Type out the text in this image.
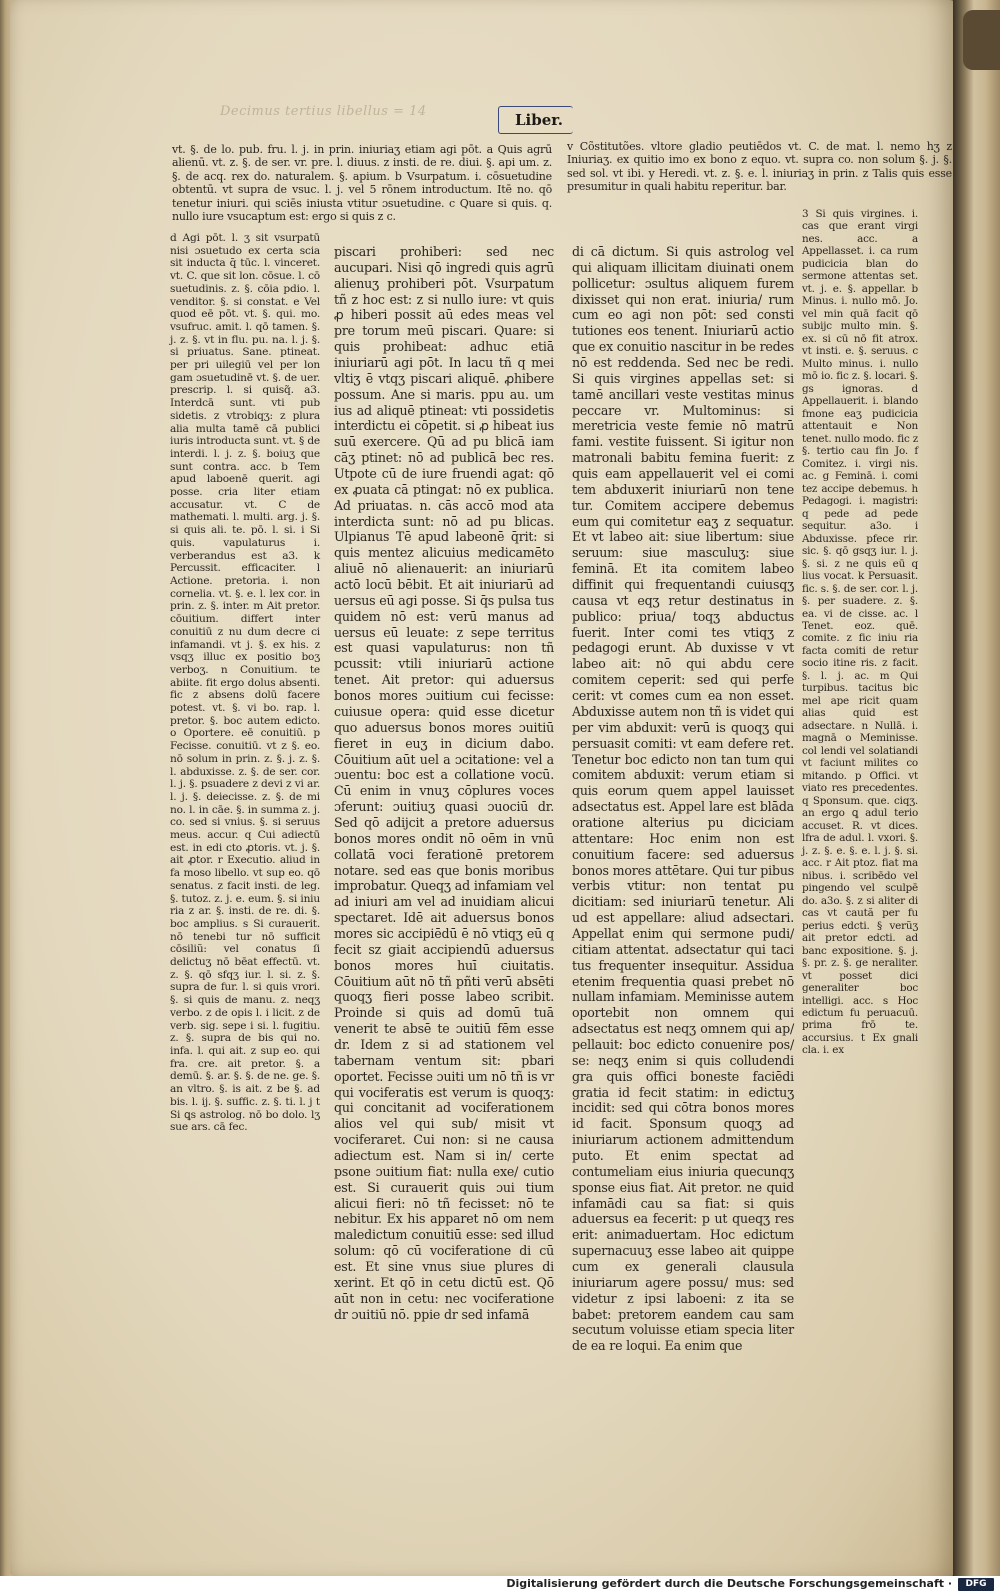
Decimus tertius libellus = 14	Liber.
v Cõstitutões. vltore gladio peutiēdos vt. C. de mat. l. nemo hʒ z Iniuriaʒ. ex quitio imo ex bono z equo. vt. supra co. non solum §. j. §. sed sol. vt ibi. y Heredi. vt. z. §. e. l. iniuriaʒ in prin. z Talis quis esse presumitur in quali habitu reperitur. bar.
vt. §. de lo. pub. fru. l. j. in prin. iniuriaʒ etiam agi pōt. a Quis agrū alienū. vt. z. §. de ser. vr. pre. l. diuus. z insti. de re. diui. §. api um. z. §. de acq. rex do. naturalem. §. apium. b Vsurpatum. i. cōsuetudine obtentū. vt supra de vsuc. l. j. vel 5 rōnem introductum. Itē no. qō tenetur iniuri. qui sciēs iniusta vtitur ɔsuetudine. c Quare si quis. q. nullo iure vsucaptum est: ergo si quis z c.
d Agi pōt. l. ʒ sit vsurpatū nisi ɔsuetudo ex certa scia sit inducta q̄ tūc. l. vinceret. vt. C. que sit lon. cōsue. l. cō suetudinis. z. §. cōia pdio. l. venditor. §. si constat. e Vel quod eē pōt. vt. §. qui. mo. vsufruc. amit. l. qō tamen. §. j. z. §. vt in flu. pu. na. l. j. §. si priuatus. Sane. ptineat. per pri uilegiū vel per lon gam ɔsuetudinē vt. §. de uer. prescrip. l. si quisq̃. a3. Interdcā sunt. vti pub sidetis. z vtrobiqʒ: z plura alia multa tamē cā publici iuris introducta sunt. vt. § de interdi. l. j. z. §. boiuʒ que sunt contra. acc. b Tem apud laboenē querit. agi posse. cria liter etiam accusatur. vt. C de mathemati. l. multi. arg. j. §. si quis ali. te. pō. l. si. i Si quis. vapulaturus i. verberandus est a3. k Percussit. efficaciter. l Actione. pretoria. i. non cornelia. vt. §. e. l. lex cor. in prin. z. §. inter. m Ait pretor. cōuitium. differt inter conuitiū z nu dum decre ci infamandi. vt j. §. ex his. z vsqʒ illuc ex positio boʒ verboʒ. n Conuitium. te abiite. fit ergo dolus absenti. fic z absens dolū facere potest. vt. §. vi bo. rap. l. pretor. §. boc autem edicto. o Oportere. eē conuitiū. p Fecisse. conuitiū. vt z §. eo. nō solum in prin. z. §. j. z. §. l. abduxisse. z. §. de ser. cor. l. j. §. psuadere z devi z vi ar. l. j. §. deiecisse. z. §. de mi no. l. in cāe. §. in summa z. j. co. sed si vnius. §. si seruus meus. accur. q Cui adiectū est. in edi cto ꝓtoris. vt. j. §. ait ꝓtor. r Executio. aliud in fa moso libello. vt sup eo. qō senatus. z facit insti. de leg. §. tutoz. z. j. e. eum. §. si iniu ria z ar. §. insti. de re. di. §. boc amplius. s Si curauerit. nō tenebi tur nō sufficit cōsiliũ: vel conatus ſi delictuʒ nō bēat effectū. vt. z. §. qō sfqʒ iur. l. si. z. §. supra de fur. l. si quis vrori. §. si quis de manu. z. neqʒ verbo. z de opis l. i licit. z de verb. sig. sepe i si. l. fugitiu. z. §. supra de bis qui no. infa. l. qui ait. z sup eo. qui fra. cre. ait pretor. §. a demū. §. ar. §. §. de ne. ge. §. an vltro. §. is ait. z be §. ad bis. l. ij. §. suffic. z. §. ti. l. j t Si ꝗs astrolog. nō bo dolo. lʒ sue ars. cā fec.
piscari prohiberi: sed nec aucupari. Nisi qō ingredi quis agrū alienuʒ prohiberi pōt. Vsurpatum tñ z hoc est: z si nullo iure: vt quis ꝓ hiberi possit aū edes meas vel pre torum meū piscari. Quare: si quis prohibeat: adhuc etiā iniuriarū agi pōt. In lacu tñ q mei vltiʒ ē vtqʒ piscari aliquē. ꝓhibere possum. Ane si maris. ppu au. um ius ad aliquē ptineat: vti possidetis interdictu ei cōpetit. si ꝓ hibeat ius suū exercere. Qū ad pu blicā iam cāʒ ptinet: nō ad publicā bec res. Utpote cū de iure fruendi agat: qō ex ꝓuata cā ptingat: nō ex publica. Ad priuatas. n. cās accō mod ata interdicta sunt: nō ad pu blicas. Ulpianus Tē apud labeonē q̄rit: si quis mentez alicuius medicamēto aliuē nō alienauerit: an iniuriarū actō locū bēbit. Et ait iniuriarū ad uersus eū agi posse. Si q̄s pulsa tus quidem nō est: verū manus ad uersus eū leuate: z sepe territus est quasi vapulaturus: non tñ pcussit: vtili iniuriarū actione tenet. Ait pretor: qui aduersus bonos mores ɔuitium cui fecisse: cuiusue opera: quid esse dicetur quo aduersus bonos mores ɔuitiū fieret in euʒ in dicium dabo. Cōuitium aūt uel a ɔcitatione: vel a ɔuentu: boc est a collatione vocū. Cū enim in vnuʒ cōplures voces ɔferunt: ɔuitiuʒ quasi ɔuociū dr. Sed qō adijcit a pretore aduersus bonos mores ondit nō oēm in vnū collatā voci ferationē pretorem notare. sed eas que bonis moribus improbatur. Queqʒ ad infamiam vel ad iniuri am vel ad inuidiam alicui spectaret. Idē ait aduersus bonos mores sic accipiēdū ē nō vtiqʒ eū q fecit sz giait accipiendū aduersus bonos mores huī ciuitatis. Cōuitium aūt nō tñ pñti verū absēti quoqʒ fieri posse labeo scribit. Proinde si quis ad domū tuā venerit te absē te ɔuitiū fēm esse dr. Idem z si ad stationem vel tabernam ventum sit: pbari oportet. Fecisse ɔuiti um nō tñ is vr qui vociferatis est verum is quoqʒ: qui concitanit ad vociferationem alios vel qui sub/ misit vt vociferaret. Cui non: si ne causa adiectum est. Nam si in/ certe psone ɔuitium fiat: nulla exe/ cutio est. Si curauerit quis ɔui tium alicui fieri: nō tñ fecisset: nō te nebitur. Ex his apparet nō om nem maledictum conuitiū esse: sed illud solum: qō cū vociferatione di cū est. Et sine vnus siue plures di xerint. Et qō in cetu dictū est. Qō aūt non in cetu: nec vociferatione dr ɔuitiū nō. ppie dr sed infamā
di cā dictum. Si quis astrolog vel qui aliquam illicitam diuinati onem pollicetur: ɔsultus aliquem furem dixisset qui non erat. iniuria/ rum cum eo agi non pōt: sed consti tutiones eos tenent. Iniuriarū actio que ex conuitio nascitur in be redes nō est reddenda. Sed nec be redi. Si quis virgines appellas set: si tamē ancillari veste vestitas minus peccare vr. Multominus: si meretricia veste femie nō matrū fami. vestite fuissent. Si igitur non matronali babitu femina fuerit: z quis eam appellauerit vel ei comi tem abduxerit iniuriarū non tene tur. Comitem accipere debemus eum qui comitetur eaʒ z sequatur. Et vt labeo ait: siue libertum: siue seruum: siue masculuʒ: siue feminā. Et ita comitem labeo diffinit qui frequentandi cuiusqʒ causa vt eqʒ retur destinatus in publico: priua/ toqʒ abductus fuerit. Inter comi tes vtiqʒ z pedagogi erunt. Ab duxisse v vt labeo ait: nō qui abdu cere comitem ceperit: sed qui perfe cerit: vt comes cum ea non esset. Abduxisse autem non tñ is videt qui per vim abduxit: verū is quoqʒ qui persuasit comiti: vt eam defere ret. Tenetur boc edicto non tan tum qui comitem abduxit: verum etiam si quis eorum quem appel lauisset adsectatus est. Appel lare est blāda oratione alterius pu diciciam attentare: Hoc enim non est conuitium facere: sed aduersus bonos mores attētare. Qui tur pibus verbis vtitur: non tentat pu dicitiam: sed iniuriarū tenetur. Ali ud est appellare: aliud adsectari. Appellat enim qui sermone pudi/ citiam attentat. adsectatur qui taci tus frequenter insequitur. Assidua etenim frequentia quasi prebet nō nullam infamiam. Meminisse autem oportebit non omnem qui adsectatus est neqʒ omnem qui ap/ pellauit: boc edicto conuenire pos/ se: neqʒ enim si quis colludendi gra quis offici boneste faciēdi gratia id fecit statim: in edictuʒ incidit: sed qui cōtra bonos mores id facit. Sponsum quoqʒ ad iniuriarum actionem admittendum puto. Et enim spectat ad contumeliam eius iniuria quecunqʒ sponse eius fiat. Ait pretor. ne quid infamādi cau sa fiat: si quis aduersus ea fecerit: p ut queqʒ res erit: animaduertam. Hoc edictum supernacuuʒ esse labeo ait quippe cum ex generali clausula iniuriarum agere possu/ mus: sed videtur z ipsi laboeni: z ita se babet: pretorem eandem cau sam secutum voluisse etiam specia liter de ea re loqui. Ea enim que
3 Si quis virgines. i. cas que erant virgi nes. acc. a Appellasset. i. ca rum pudicicia blan do sermone attentas set. vt. j. e. §. appellar. b Minus. i. nullo mō. Jo. vel min quā facit qō subijc multo min. §. ex. si cū nō fit atrox. vt insti. e. §. seruus. c Multo minus. i. nullo mō io. fic z. §. locari. §. gs ignoras. d Appellauerit. i. blando fmone eaʒ pudicicia attentauit e Non tenet. nullo modo. fic z §. tertio cau fin Jo. f Comitez. i. virgi nis. ac. g Feminā. i. comi tez accipe debemus. h Pedagogi. i. magistri: q pede ad pede sequitur. a3o. i Abduxisse. pfece rir. sic. §. qō gsqʒ iur. l. j. §. si. z ne quis eū q lius vocat. k Persuasit. fic. s. §. de ser. cor. l. j. §. per suadere. z. §. ea. vi de cisse. ac. l Tenet. eoz. quē. comite. z fic iniu ria facta comiti de retur socio itine ris. z facit. §. l. j. ac. m Qui turpibus. tacitus bic mel ape ricit quam alias quid est adsectare. n Nullā. i. magnā o Meminisse. col lendi vel solatiandi vt faciunt milites co mitando. p Offici. vt viato res precedentes. q Sponsum. que. ciqʒ. an ergo ꝗ adul terio accuset. R. vt dices. lfra de adul. l. vxori. §. j. z. §. e. §. e. l. j. §. si. acc. r Ait ptoz. fiat ma nibus. i. scribēdo vel pingendo vel sculpē do. a3o. §. z si aliter di cas vt caută per fu perius edcti. § verũʒ ait pretor edcti. ad banc expositione. §. j. §. pr. z. §. ge neraliter. vt posset dici generaliter boc intelligi. acc. s Hoc edictum fu peruacuū. prima frō te. accursius. t Ex gnali cla. i. ex
Digitalisierung gefördert durch die Deutsche Forschungsgemeinschaft ·	DFG
